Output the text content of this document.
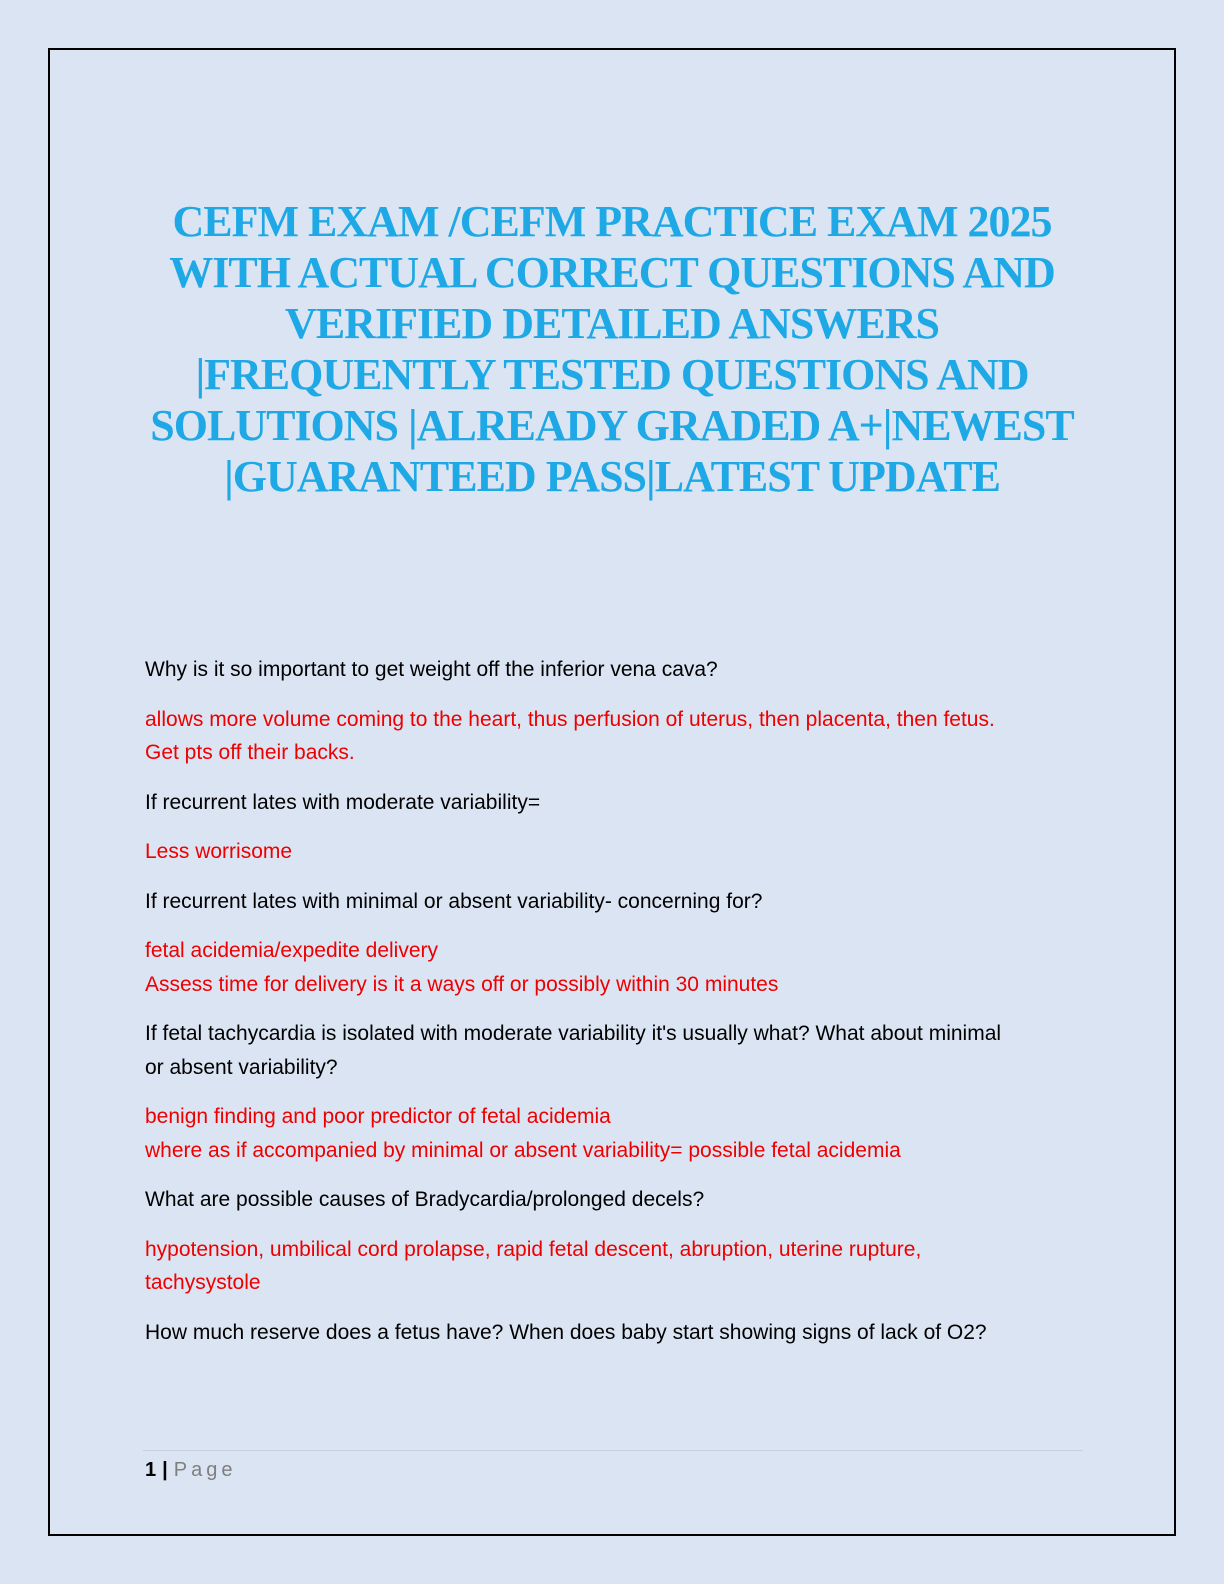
CEFM EXAM /CEFM PRACTICE EXAM 2025
WITH ACTUAL CORRECT QUESTIONS AND
VERIFIED DETAILED ANSWERS
|FREQUENTLY TESTED QUESTIONS AND
SOLUTIONS |ALREADY GRADED A+|NEWEST
|GUARANTEED PASS|LATEST UPDATE

Why is it so important to get weight off the inferior vena cava?

allows more volume coming to the heart, thus perfusion of uterus, then placenta, then fetus.
Get pts off their backs.

If recurrent lates with moderate variability=

Less worrisome

If recurrent lates with minimal or absent variability- concerning for?

fetal acidemia/expedite delivery
Assess time for delivery is it a ways off or possibly within 30 minutes

If fetal tachycardia is isolated with moderate variability it's usually what? What about minimal
or absent variability?

benign finding and poor predictor of fetal acidemia
where as if accompanied by minimal or absent variability= possible fetal acidemia

What are possible causes of Bradycardia/prolonged decels?

hypotension, umbilical cord prolapse, rapid fetal descent, abruption, uterine rupture,
tachysystole

How much reserve does a fetus have? When does baby start showing signs of lack of O2?

1 | Page
